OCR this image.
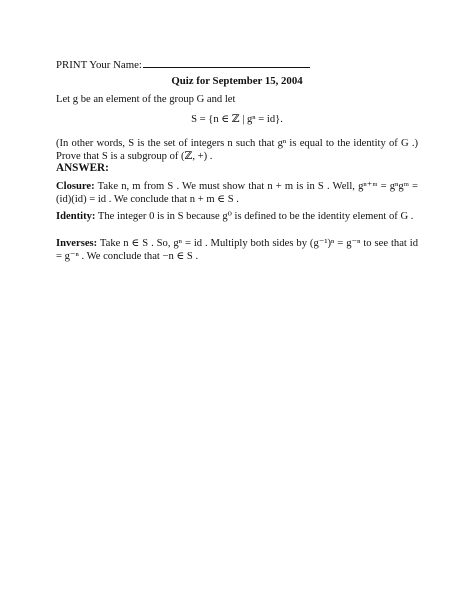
PRINT Your Name:
Quiz for September 15, 2004
Let g be an element of the group G and let
S = {n ∈ ℤ | gⁿ = id}.
(In other words, S is the set of integers n such that gⁿ is equal to the identity of G .) Prove that S is a subgroup of (ℤ, +) .
ANSWER:
Closure: Take n, m from S . We must show that n + m is in S . Well, gⁿ⁺ᵐ = gⁿgᵐ = (id)(id) = id . We conclude that n + m ∈ S .
Identity: The integer 0 is in S because g⁰ is defined to be the identity element of G .
Inverses: Take n ∈ S . So, gⁿ = id . Multiply both sides by (g⁻¹)ⁿ = g⁻ⁿ to see that id = g⁻ⁿ . We conclude that −n ∈ S .
